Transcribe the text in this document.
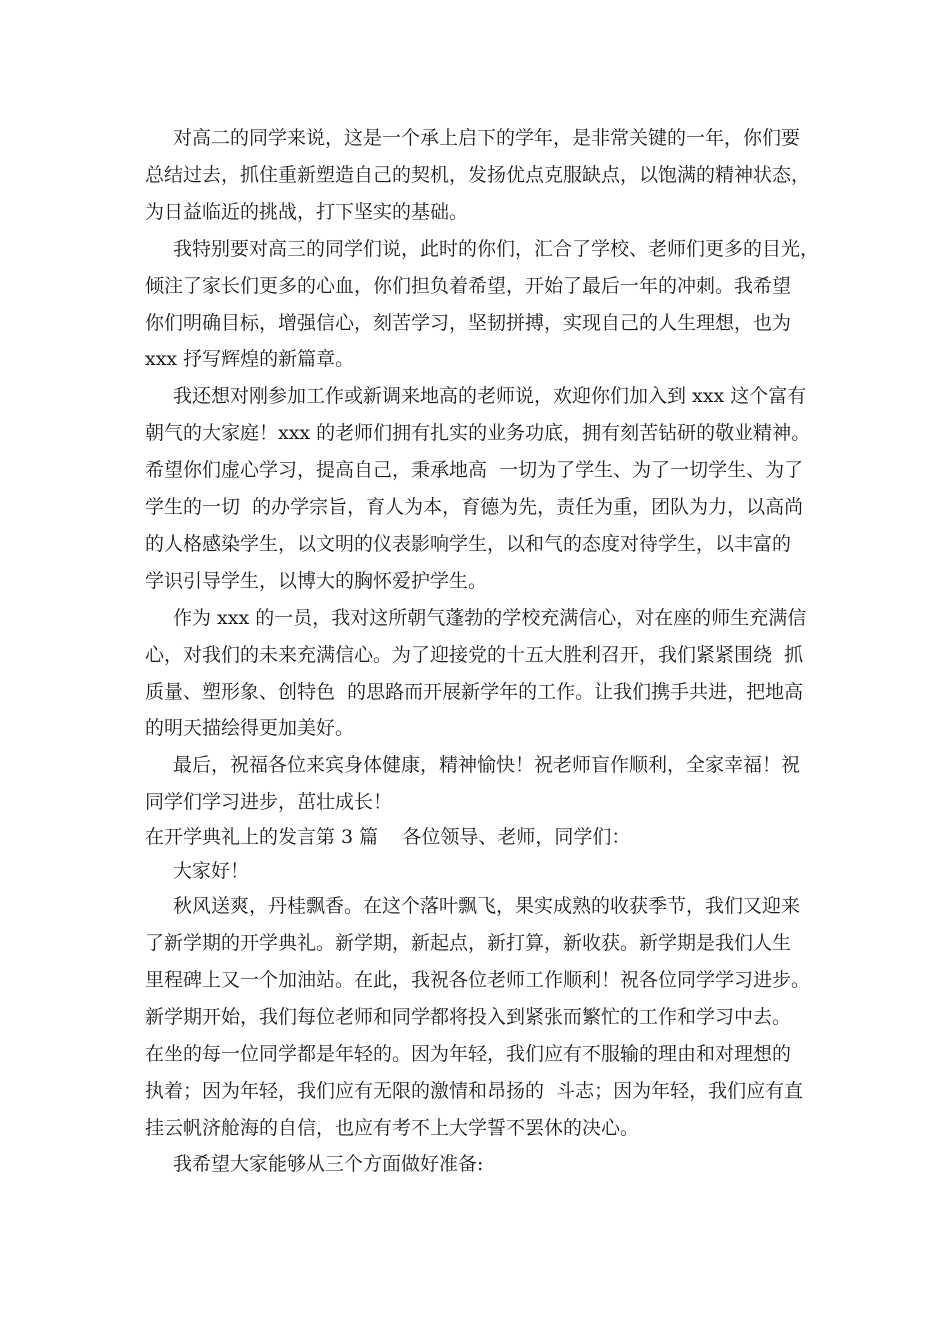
对高二的同学来说，这是一个承上启下的学年，是非常关键的一年，你们要

总结过去，抓住重新塑造自己的契机，发扬优点克服缺点，以饱满的精神状态，

为日益临近的挑战，打下坚实的基础。

我特别要对高三的同学们说，此时的你们，汇合了学校、老师们更多的目光，

倾注了家长们更多的心血，你们担负着希望，开始了最后一年的冲刺。我希望

你们明确目标，增强信心，刻苦学习，坚韧拼搏，实现自己的人生理想，也为

xxx 抒写辉煌的新篇章。

我还想对刚参加工作或新调来地高的老师说，欢迎你们加入到 xxx 这个富有

朝气的大家庭！xxx 的老师们拥有扎实的业务功底，拥有刻苦钻研的敬业精神。

希望你们虚心学习，提高自己，秉承地高  一切为了学生、为了一切学生、为了

学生的一切  的办学宗旨，育人为本，育德为先，责任为重，团队为力，以高尚

的人格感染学生，以文明的仪表影响学生，以和气的态度对待学生，以丰富的

学识引导学生，以博大的胸怀爱护学生。

作为 xxx 的一员，我对这所朝气蓬勃的学校充满信心，对在座的师生充满信

心，对我们的未来充满信心。为了迎接党的十五大胜利召开，我们紧紧围绕  抓

质量、塑形象、创特色  的思路而开展新学年的工作。让我们携手共进，把地高

的明天描绘得更加美好。

最后，祝福各位来宾身体健康，精神愉快！祝老师盲作顺利，全家幸福！祝

同学们学习进步，茁壮成长！

在开学典礼上的发言第 3 篇    各位领导、老师，同学们：

大家好！

秋风送爽，丹桂飘香。在这个落叶飘飞，果实成熟的收获季节，我们又迎来

了新学期的开学典礼。新学期，新起点，新打算，新收获。新学期是我们人生

里程碑上又一个加油站。在此，我祝各位老师工作顺利！祝各位同学学习进步。

新学期开始，我们每位老师和同学都将投入到紧张而繁忙的工作和学习中去。

在坐的每一位同学都是年轻的。因为年轻，我们应有不服输的理由和对理想的

执着；因为年轻，我们应有无限的激情和昂扬的  斗志；因为年轻，我们应有直

挂云帆济舱海的自信，也应有考不上大学誓不罢休的决心。

我希望大家能够从三个方面做好准备:
